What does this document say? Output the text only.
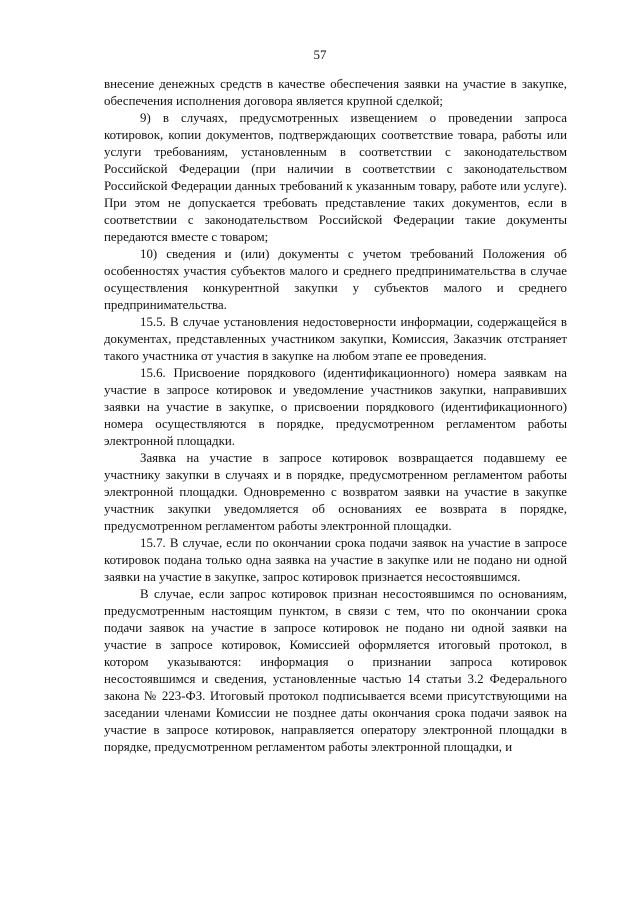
57

внесение денежных средств в качестве обеспечения заявки на участие в закупке, обеспечения исполнения договора является крупной сделкой;

9) в случаях, предусмотренных извещением о проведении запроса котировок, копии документов, подтверждающих соответствие товара, работы или услуги требованиям, установленным в соответствии с законодательством Российской Федерации (при наличии в соответствии с законодательством Российской Федерации данных требований к указанным товару, работе или услуге). При этом не допускается требовать представление таких документов, если в соответствии с законодательством Российской Федерации такие документы передаются вместе с товаром;

10) сведения и (или) документы с учетом требований Положения об особенностях участия субъектов малого и среднего предпринимательства в случае осуществления конкурентной закупки у субъектов малого и среднего предпринимательства.

15.5. В случае установления недостоверности информации, содержащейся в документах, представленных участником закупки, Комиссия, Заказчик отстраняет такого участника от участия в закупке на любом этапе ее проведения.

15.6. Присвоение порядкового (идентификационного) номера заявкам на участие в запросе котировок и уведомление участников закупки, направивших заявки на участие в закупке, о присвоении порядкового (идентификационного) номера осуществляются в порядке, предусмотренном регламентом работы электронной площадки.

Заявка на участие в запросе котировок возвращается подавшему ее участнику закупки в случаях и в порядке, предусмотренном регламентом работы электронной площадки. Одновременно с возвратом заявки на участие в закупке участник закупки уведомляется об основаниях ее возврата в порядке, предусмотренном регламентом работы электронной площадки.

15.7. В случае, если по окончании срока подачи заявок на участие в запросе котировок подана только одна заявка на участие в закупке или не подано ни одной заявки на участие в закупке, запрос котировок признается несостоявшимся.

В случае, если запрос котировок признан несостоявшимся по основаниям, предусмотренным настоящим пунктом, в связи с тем, что по окончании срока подачи заявок на участие в запросе котировок не подано ни одной заявки на участие в запросе котировок, Комиссией оформляется итоговый протокол, в котором указываются: информация о признании запроса котировок несостоявшимся и сведения, установленные частью 14 статьи 3.2 Федерального закона № 223-ФЗ. Итоговый протокол подписывается всеми присутствующими на заседании членами Комиссии не позднее даты окончания срока подачи заявок на участие в запросе котировок, направляется оператору электронной площадки в порядке, предусмотренном регламентом работы электронной площадки, и
